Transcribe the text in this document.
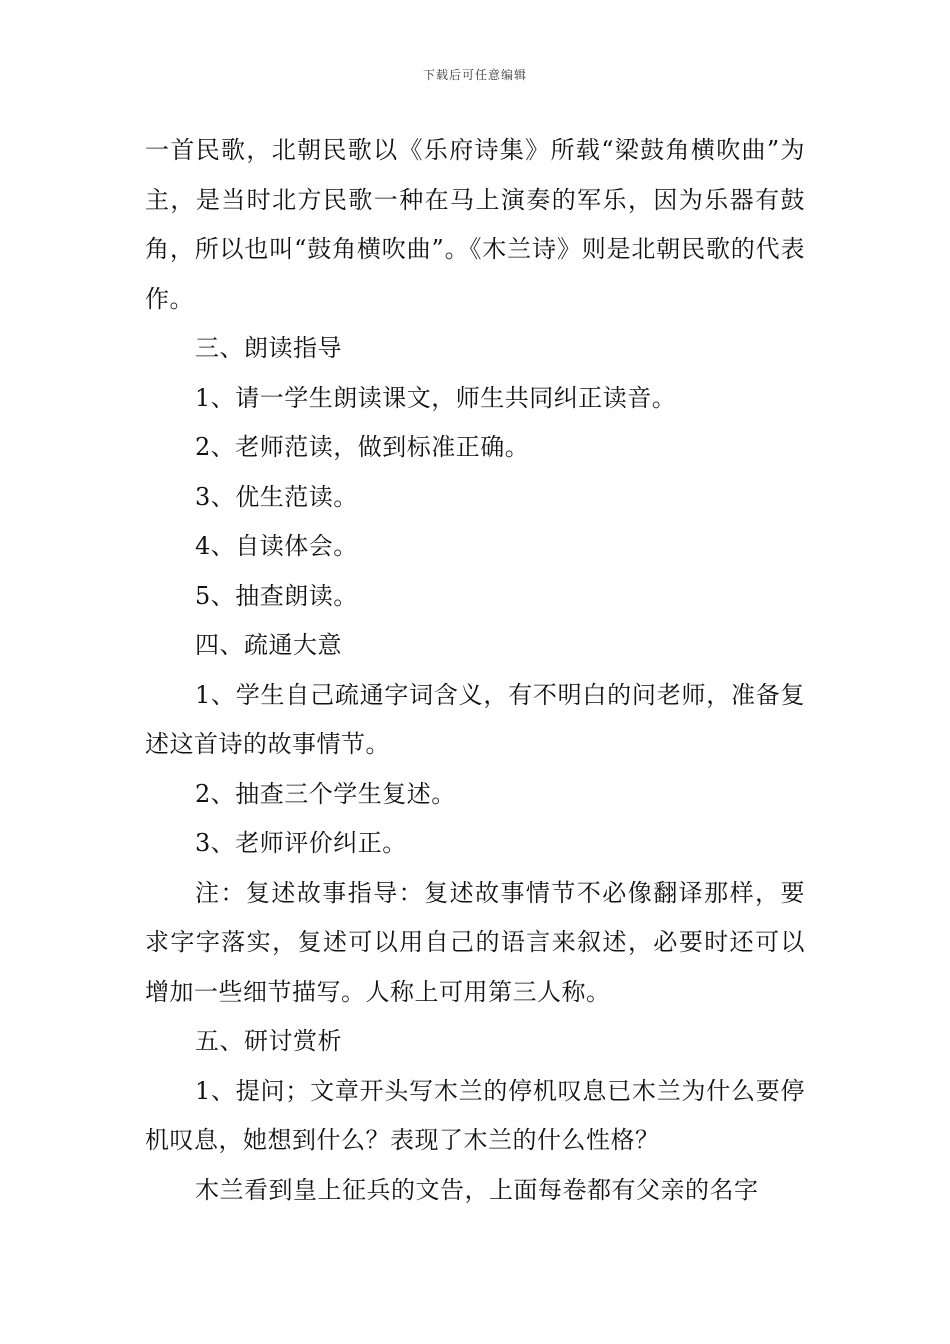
下载后可任意编辑

一首民歌，北朝民歌以《乐府诗集》所载“梁鼓角横吹曲”为主，是当时北方民歌一种在马上演奏的军乐，因为乐器有鼓角，所以也叫“鼓角横吹曲”。《木兰诗》则是北朝民歌的代表作。

三、朗读指导

1、请一学生朗读课文，师生共同纠正读音。

2、老师范读，做到标准正确。

3、优生范读。

4、自读体会。

5、抽查朗读。

四、疏通大意

1、学生自己疏通字词含义，有不明白的问老师，准备复述这首诗的故事情节。

2、抽查三个学生复述。

3、老师评价纠正。

注：复述故事指导：复述故事情节不必像翻译那样，要求字字落实，复述可以用自己的语言来叙述，必要时还可以增加一些细节描写。人称上可用第三人称。

五、研讨赏析

1、提问；文章开头写木兰的停机叹息已木兰为什么要停机叹息，她想到什么？表现了木兰的什么性格？

木兰看到皇上征兵的文告，上面每卷都有父亲的名字
